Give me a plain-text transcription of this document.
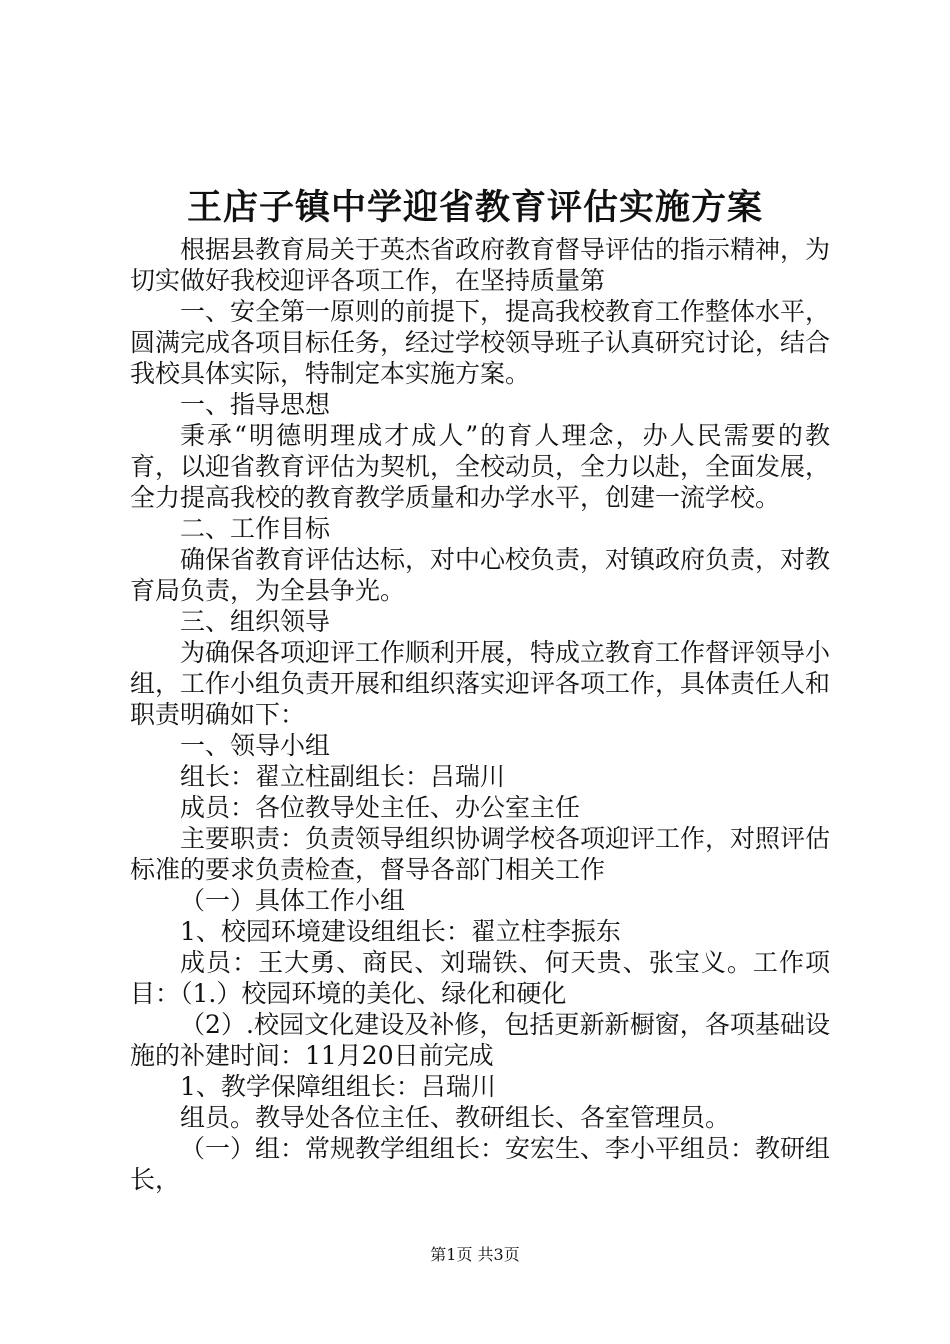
王店子镇中学迎省教育评估实施方案

根据县教育局关于英杰省政府教育督导评估的指示精神，为切实做好我校迎评各项工作，在坚持质量第

一、安全第一原则的前提下，提高我校教育工作整体水平，圆满完成各项目标任务，经过学校领导班子认真研究讨论，结合我校具体实际，特制定本实施方案。

一、指导思想

秉承“明德明理成才成人”的育人理念，办人民需要的教育，以迎省教育评估为契机，全校动员，全力以赴，全面发展，全力提高我校的教育教学质量和办学水平，创建一流学校。

二、工作目标

确保省教育评估达标，对中心校负责，对镇政府负责，对教育局负责，为全县争光。

三、组织领导

为确保各项迎评工作顺利开展，特成立教育工作督评领导小组，工作小组负责开展和组织落实迎评各项工作，具体责任人和职责明确如下：

一、领导小组

组长：翟立柱副组长：吕瑞川

成员：各位教导处主任、办公室主任

主要职责：负责领导组织协调学校各项迎评工作，对照评估标准的要求负责检查，督导各部门相关工作

（一）具体工作小组

1、校园环境建设组组长：翟立柱李振东

成员：王大勇、商民、刘瑞铁、何天贵、张宝义。工作项目：（1.）校园环境的美化、绿化和硬化

（2）.校园文化建设及补修，包括更新新橱窗，各项基础设施的补建时间：11月20日前完成

1、教学保障组组长：吕瑞川

组员。教导处各位主任、教研组长、各室管理员。

（一）组：常规教学组组长：安宏生、李小平组员：教研组长，

第1页 共3页
